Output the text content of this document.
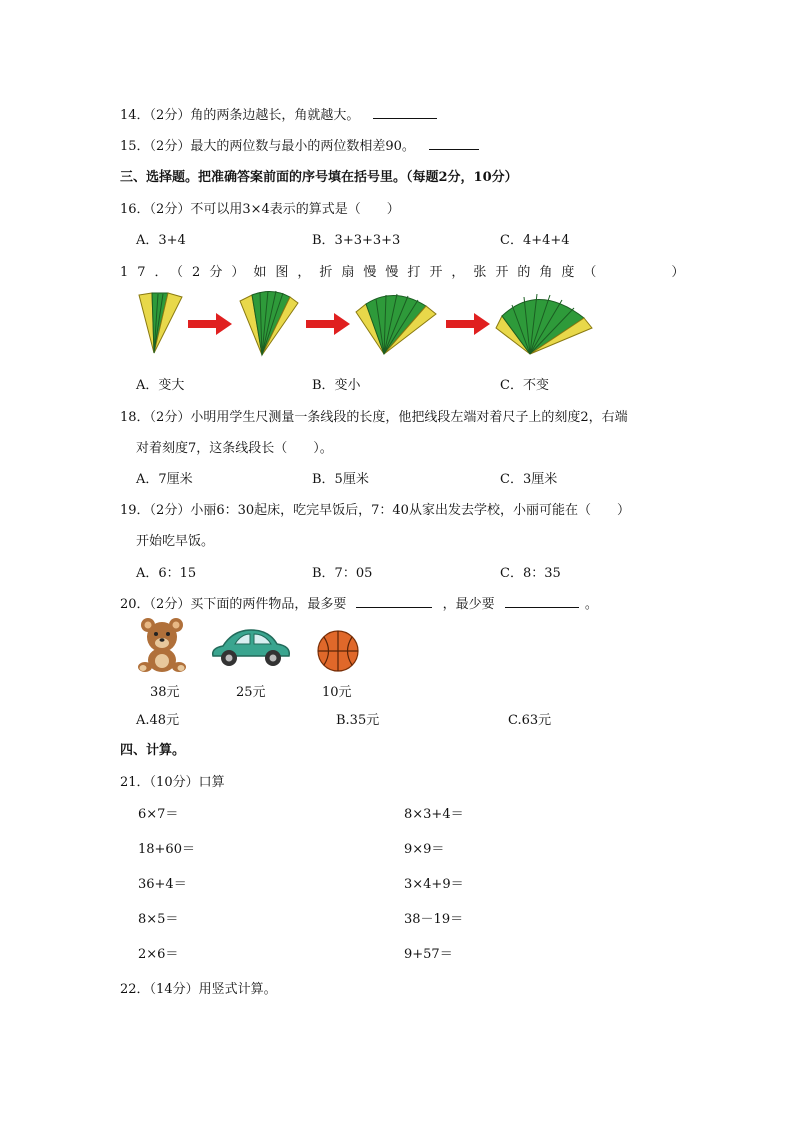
14．（2分）角的两条边越长，角就越大。
15．（2分）最大的两位数与最小的两位数相差90。
三、选择题。把准确答案前面的序号填在括号里。（每题2分，10分）
16．（2分）不可以用3×4表示的算式是（　　）
A．3+4	B．3+3+3+3	C．4+4+4
17．（2分）如图，折扇慢慢打开，张开的角度（　　　）
A．变大	B．变小	C．不变
18．（2分）小明用学生尺测量一条线段的长度，他把线段左端对着尺子上的刻度2，右端
对着刻度7，这条线段长（　　）。
A．7厘米	B．5厘米	C．3厘米
19．（2分）小丽6：30起床，吃完早饭后，7：40从家出发去学校，小丽可能在（　　）
开始吃早饭。
A．6：15	B．7：05	C．8：35
20．（2分）买下面的两件物品，最多要	，最少要	。
38元	25元	10元
A.48元	B.35元	C.63元
四、计算。
21．（10分）口算
6×7＝	8×3+4＝
18+60＝	9×9＝
36+4＝	3×4+9＝
8×5＝	38－19＝
2×6＝	9+57＝
22．（14分）用竖式计算。
